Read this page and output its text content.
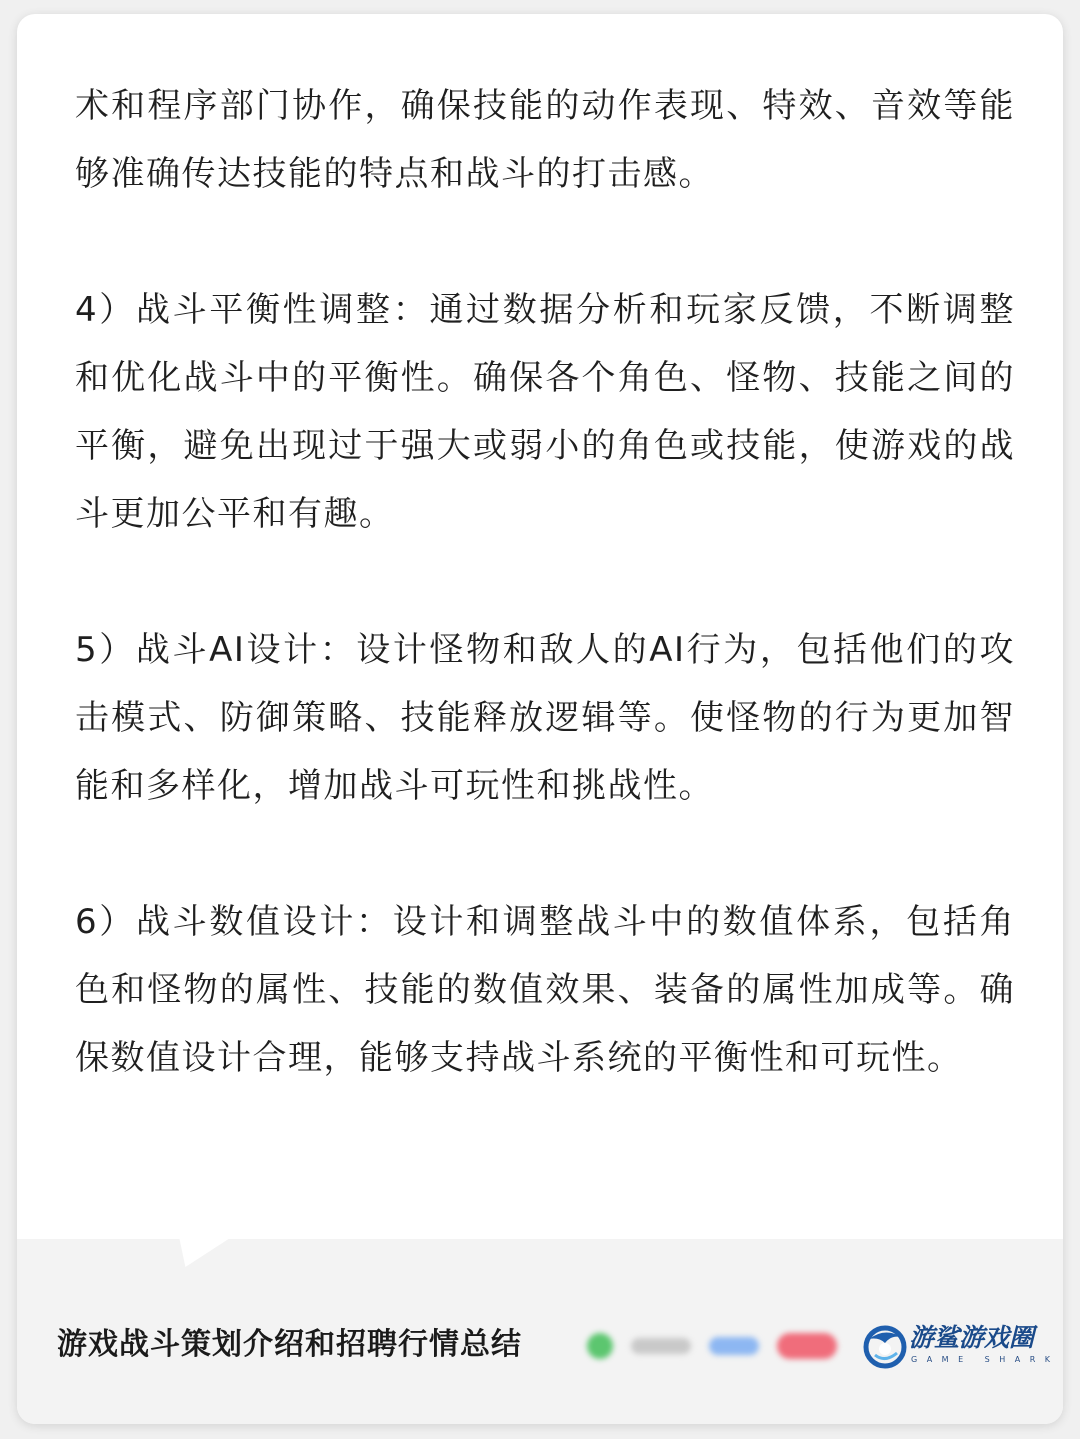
术和程序部门协作，确保技能的动作表现、特效、音效等能够准确传达技能的特点和战斗的打击感。

4）战斗平衡性调整：通过数据分析和玩家反馈，不断调整和优化战斗中的平衡性。确保各个角色、怪物、技能之间的平衡，避免出现过于强大或弱小的角色或技能，使游戏的战斗更加公平和有趣。

5）战斗AI设计：设计怪物和敌人的AI行为，包括他们的攻击模式、防御策略、技能释放逻辑等。使怪物的行为更加智能和多样化，增加战斗可玩性和挑战性。

6）战斗数值设计：设计和调整战斗中的数值体系，包括角色和怪物的属性、技能的数值效果、装备的属性加成等。确保数值设计合理，能够支持战斗系统的平衡性和可玩性。

游戏战斗策划介绍和招聘行情总结	游鲨游戏圈
GAME SHARK
